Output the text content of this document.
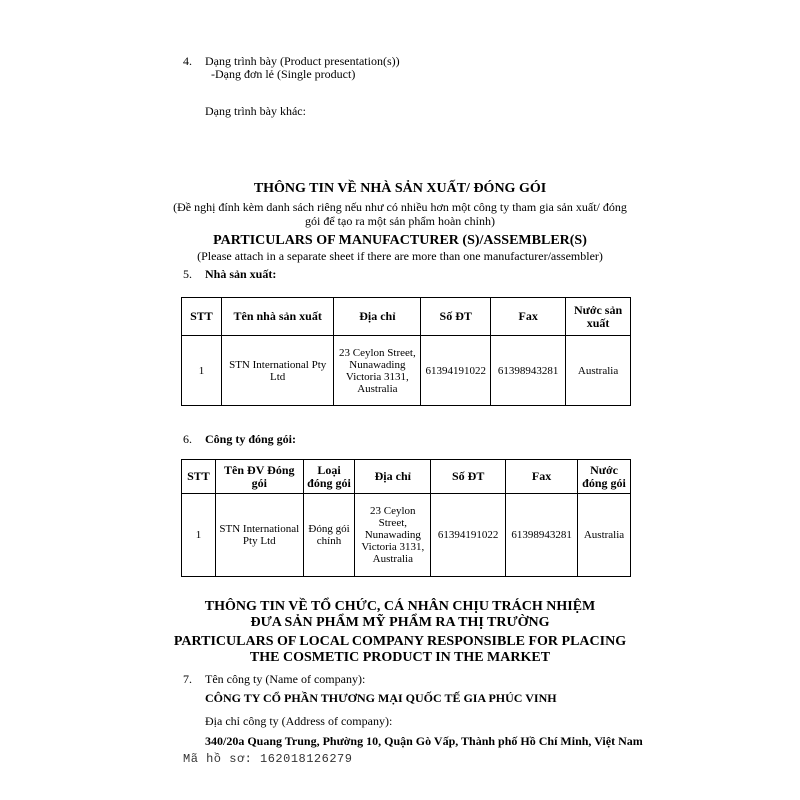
4. Dạng trình bày (Product presentation(s))
-Dạng đơn lẻ (Single product)
Dạng trình bày khác:
THÔNG TIN VỀ NHÀ SẢN XUẤT/ ĐÓNG GÓI
(Đề nghị đính kèm danh sách riêng nếu như có nhiều hơn một công ty tham gia sản xuất/ đóng
gói để tạo ra một sản phẩm hoàn chỉnh)
PARTICULARS OF MANUFACTURER (S)/ASSEMBLER(S)
(Please attach in a separate sheet if there are more than one manufacturer/assembler)
5. Nhà sản xuất:
STT	Tên nhà sản xuất	Địa chỉ	Số ĐT	Fax	Nước sản xuất
1	STN International Pty Ltd	23 Ceylon Street, Nunawading Victoria 3131, Australia	61394191022	61398943281	Australia
6. Công ty đóng gói:
STT	Tên ĐV Đóng gói	Loại đóng gói	Địa chỉ	Số ĐT	Fax	Nước đóng gói
1	STN International Pty Ltd	Đóng gói chính	23 Ceylon Street, Nunawading Victoria 3131, Australia	61394191022	61398943281	Australia
THÔNG TIN VỀ TỔ CHỨC, CÁ NHÂN CHỊU TRÁCH NHIỆM
ĐƯA SẢN PHẨM MỸ PHẨM RA THỊ TRƯỜNG
PARTICULARS OF LOCAL COMPANY RESPONSIBLE FOR PLACING
THE COSMETIC PRODUCT IN THE MARKET
7. Tên công ty (Name of company):
CÔNG TY CỔ PHẦN THƯƠNG MẠI QUỐC TẾ GIA PHÚC VINH
Địa chỉ công ty (Address of company):
340/20a Quang Trung, Phường 10, Quận Gò Vấp, Thành phố Hồ Chí Minh, Việt Nam
Mã hồ sơ: 162018126279
